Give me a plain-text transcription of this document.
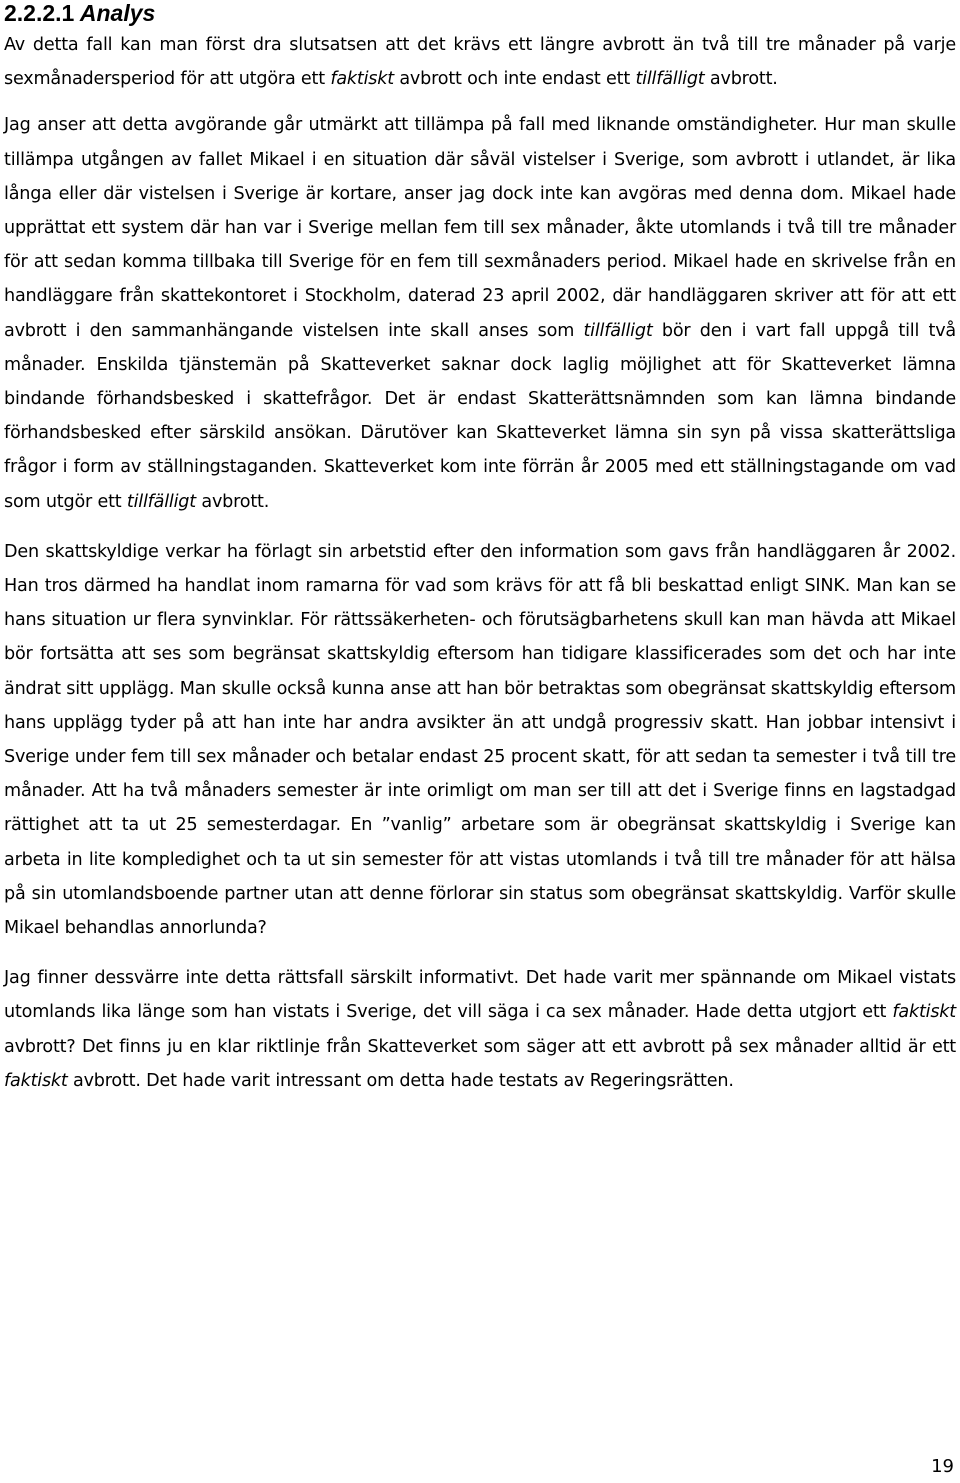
2.2.2.1 Analys

Av detta fall kan man först dra slutsatsen att det krävs ett längre avbrott än två till tre månader på varje sexmånadersperiod för att utgöra ett faktiskt avbrott och inte endast ett tillfälligt avbrott.

Jag anser att detta avgörande går utmärkt att tillämpa på fall med liknande omständigheter. Hur man skulle tillämpa utgången av fallet Mikael i en situation där såväl vistelser i Sverige, som avbrott i utlandet, är lika långa eller där vistelsen i Sverige är kortare, anser jag dock inte kan avgöras med denna dom. Mikael hade upprättat ett system där han var i Sverige mellan fem till sex månader, åkte utomlands i två till tre månader för att sedan komma tillbaka till Sverige för en fem till sexmånaders period. Mikael hade en skrivelse från en handläggare från skattekontoret i Stockholm, daterad 23 april 2002, där handläggaren skriver att för att ett avbrott i den sammanhängande vistelsen inte skall anses som tillfälligt bör den i vart fall uppgå till två månader. Enskilda tjänstemän på Skatteverket saknar dock laglig möjlighet att för Skatteverket lämna bindande förhandsbesked i skattefrågor. Det är endast Skatterättsnämnden som kan lämna bindande förhandsbesked efter särskild ansökan. Därutöver kan Skatteverket lämna sin syn på vissa skatterättsliga frågor i form av ställningstaganden. Skatteverket kom inte förrän år 2005 med ett ställningstagande om vad som utgör ett tillfälligt avbrott.

Den skattskyldige verkar ha förlagt sin arbetstid efter den information som gavs från handläggaren år 2002. Han tros därmed ha handlat inom ramarna för vad som krävs för att få bli beskattad enligt SINK. Man kan se hans situation ur flera synvinklar. För rättssäkerheten- och förutsägbarhetens skull kan man hävda att Mikael bör fortsätta att ses som begränsat skattskyldig eftersom han tidigare klassificerades som det och har inte ändrat sitt upplägg. Man skulle också kunna anse att han bör betraktas som obegränsat skattskyldig eftersom hans upplägg tyder på att han inte har andra avsikter än att undgå progressiv skatt. Han jobbar intensivt i Sverige under fem till sex månader och betalar endast 25 procent skatt, för att sedan ta semester i två till tre månader. Att ha två månaders semester är inte orimligt om man ser till att det i Sverige finns en lagstadgad rättighet att ta ut 25 semesterdagar. En ”vanlig” arbetare som är obegränsat skattskyldig i Sverige kan arbeta in lite kompledighet och ta ut sin semester för att vistas utomlands i två till tre månader för att hälsa på sin utomlandsboende partner utan att denne förlorar sin status som obegränsat skattskyldig. Varför skulle Mikael behandlas annorlunda?

Jag finner dessvärre inte detta rättsfall särskilt informativt. Det hade varit mer spännande om Mikael vistats utomlands lika länge som han vistats i Sverige, det vill säga i ca sex månader. Hade detta utgjort ett faktiskt avbrott? Det finns ju en klar riktlinje från Skatteverket som säger att ett avbrott på sex månader alltid är ett faktiskt avbrott. Det hade varit intressant om detta hade testats av Regeringsrätten.

19
